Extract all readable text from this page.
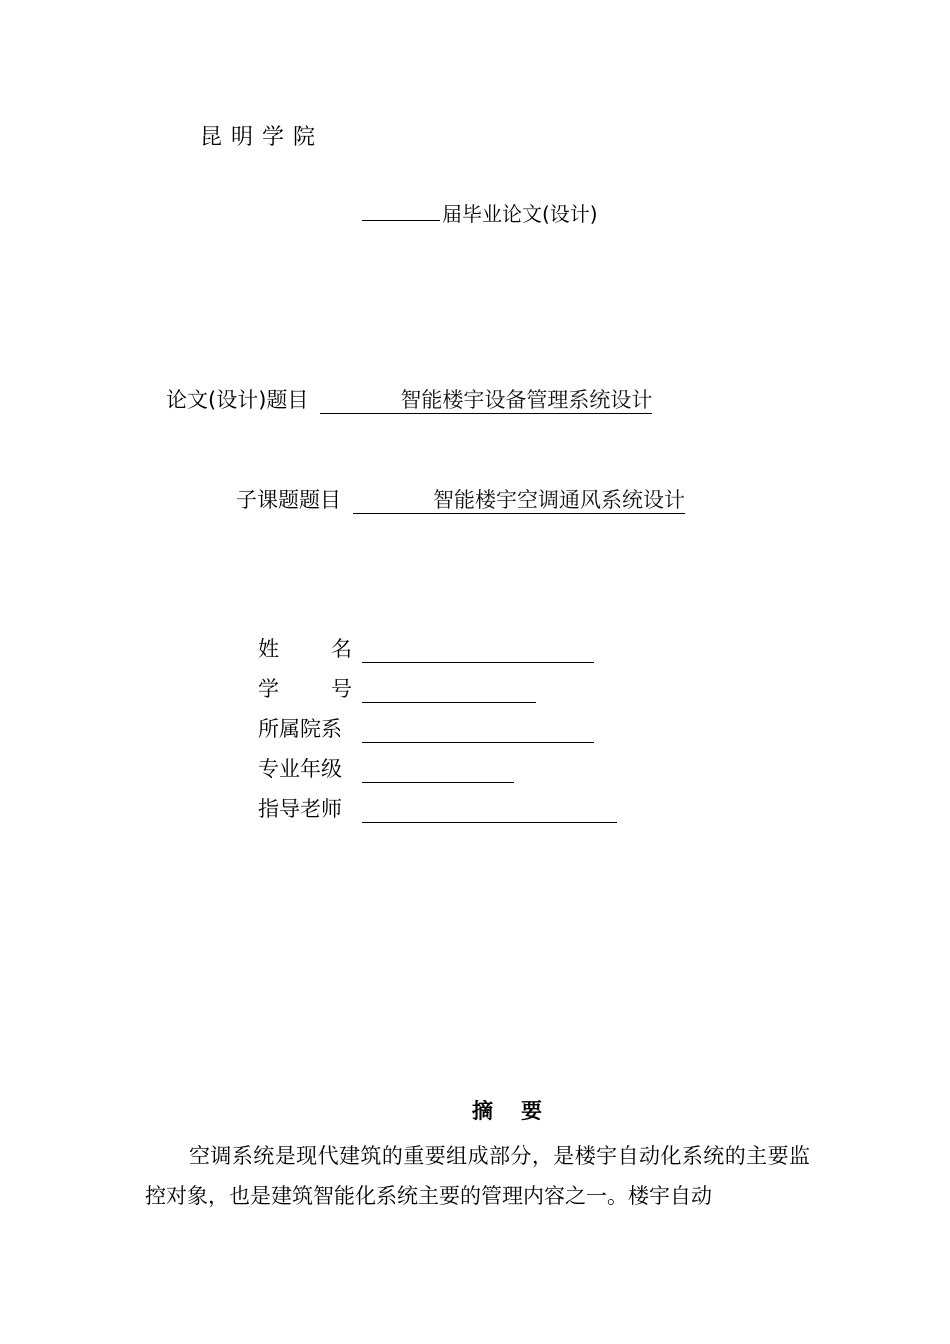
昆明学院
届毕业论文(设计)
论文(设计)题目	智能楼宇设备管理系统设计
子课题题目	智能楼宇空调通风系统设计
姓 名
学 号
所属院系
专业年级
指导老师
摘要
空调系统是现代建筑的重要组成部分，是楼宇自动化系统的主要监控对象，也是建筑智能化系统主要的管理内容之一。楼宇自动
